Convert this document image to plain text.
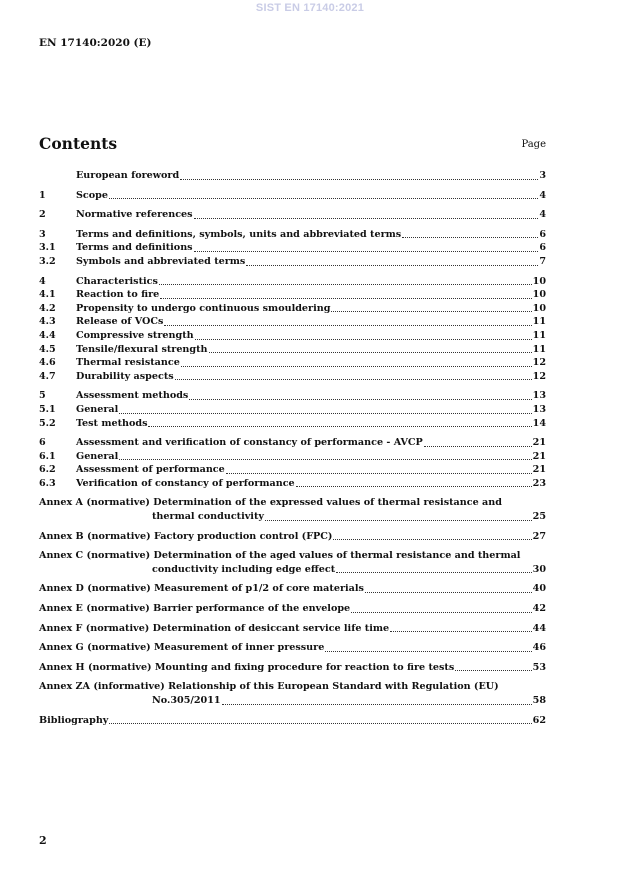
SIST EN 17140:2021
EN 17140:2020 (E)
Contents	Page
European foreword	3
1	Scope	4
2	Normative references	4
3	Terms and definitions, symbols, units and abbreviated terms	6
3.1	Terms and definitions	6
3.2	Symbols and abbreviated terms	7
4	Characteristics	10
4.1	Reaction to fire	10
4.2	Propensity to undergo continuous smouldering	10
4.3	Release of VOCs	11
4.4	Compressive strength	11
4.5	Tensile/flexural strength	11
4.6	Thermal resistance	12
4.7	Durability aspects	12
5	Assessment methods	13
5.1	General	13
5.2	Test methods	14
6	Assessment and verification of constancy of performance - AVCP	21
6.1	General	21
6.2	Assessment of performance	21
6.3	Verification of constancy of performance	23
Annex A (normative) Determination of the expressed values of thermal resistance and
thermal conductivity	25
Annex B (normative) Factory production control (FPC)	27
Annex C (normative) Determination of the aged values of thermal resistance and thermal
conductivity including edge effect	30
Annex D (normative) Measurement of p1/2 of core materials	40
Annex E (normative) Barrier performance of the envelope	42
Annex F (normative) Determination of desiccant service life time	44
Annex G (normative) Measurement of inner pressure	46
Annex H (normative) Mounting and fixing procedure for reaction to fire tests	53
Annex ZA (informative) Relationship of this European Standard with Regulation (EU)
No.305/2011	58
Bibliography	62
2
